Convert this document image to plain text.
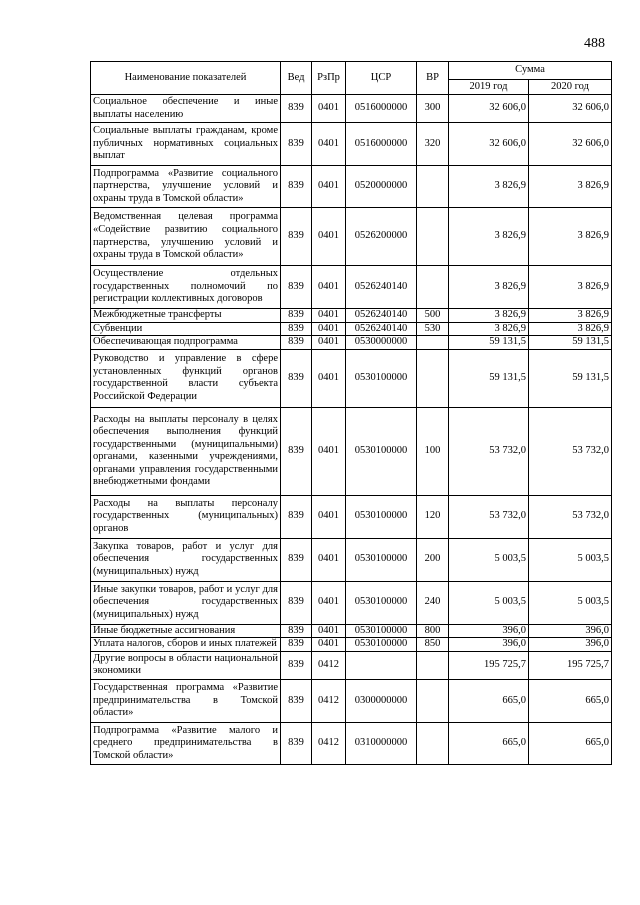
488
Наименование показателей	Вед	РзПр	ЦСР	ВР	Сумма	
					2019 год	2020 год
Социальное обеспечение и иные выплаты населению	839	0401	0516000000	300	32 606,0	32 606,0
Социальные выплаты гражданам, кроме публичных нормативных социальных выплат	839	0401	0516000000	320	32 606,0	32 606,0
Подпрограмма «Развитие социального партнерства, улучшение условий и охраны труда в Томской области»	839	0401	0520000000		3 826,9	3 826,9
Ведомственная целевая программа «Содействие развитию социального партнерства, улучшению условий и охраны труда в Томской области»	839	0401	0526200000		3 826,9	3 826,9
Осуществление отдельных государственных полномочий по регистрации коллективных договоров	839	0401	0526240140		3 826,9	3 826,9
Межбюджетные трансферты	839	0401	0526240140	500	3 826,9	3 826,9
Субвенции	839	0401	0526240140	530	3 826,9	3 826,9
Обеспечивающая подпрограмма	839	0401	0530000000		59 131,5	59 131,5
Руководство и управление в сфере установленных функций органов государственной власти субъекта Российской Федерации	839	0401	0530100000		59 131,5	59 131,5
Расходы на выплаты персоналу в целях обеспечения выполнения функций государственными (муниципальными) органами, казенными учреждениями, органами управления государственными внебюджетными фондами	839	0401	0530100000	100	53 732,0	53 732,0
Расходы на выплаты персоналу государственных (муниципальных) органов	839	0401	0530100000	120	53 732,0	53 732,0
Закупка товаров, работ и услуг для обеспечения государственных (муниципальных) нужд	839	0401	0530100000	200	5 003,5	5 003,5
Иные закупки товаров, работ и услуг для обеспечения государственных (муниципальных) нужд	839	0401	0530100000	240	5 003,5	5 003,5
Иные бюджетные ассигнования	839	0401	0530100000	800	396,0	396,0
Уплата налогов, сборов и иных платежей	839	0401	0530100000	850	396,0	396,0
Другие вопросы в области национальной экономики	839	0412			195 725,7	195 725,7
Государственная программа «Развитие предпринимательства в Томской области»	839	0412	0300000000		665,0	665,0
Подпрограмма «Развитие малого и среднего предпринимательства в Томской области»	839	0412	0310000000		665,0	665,0
